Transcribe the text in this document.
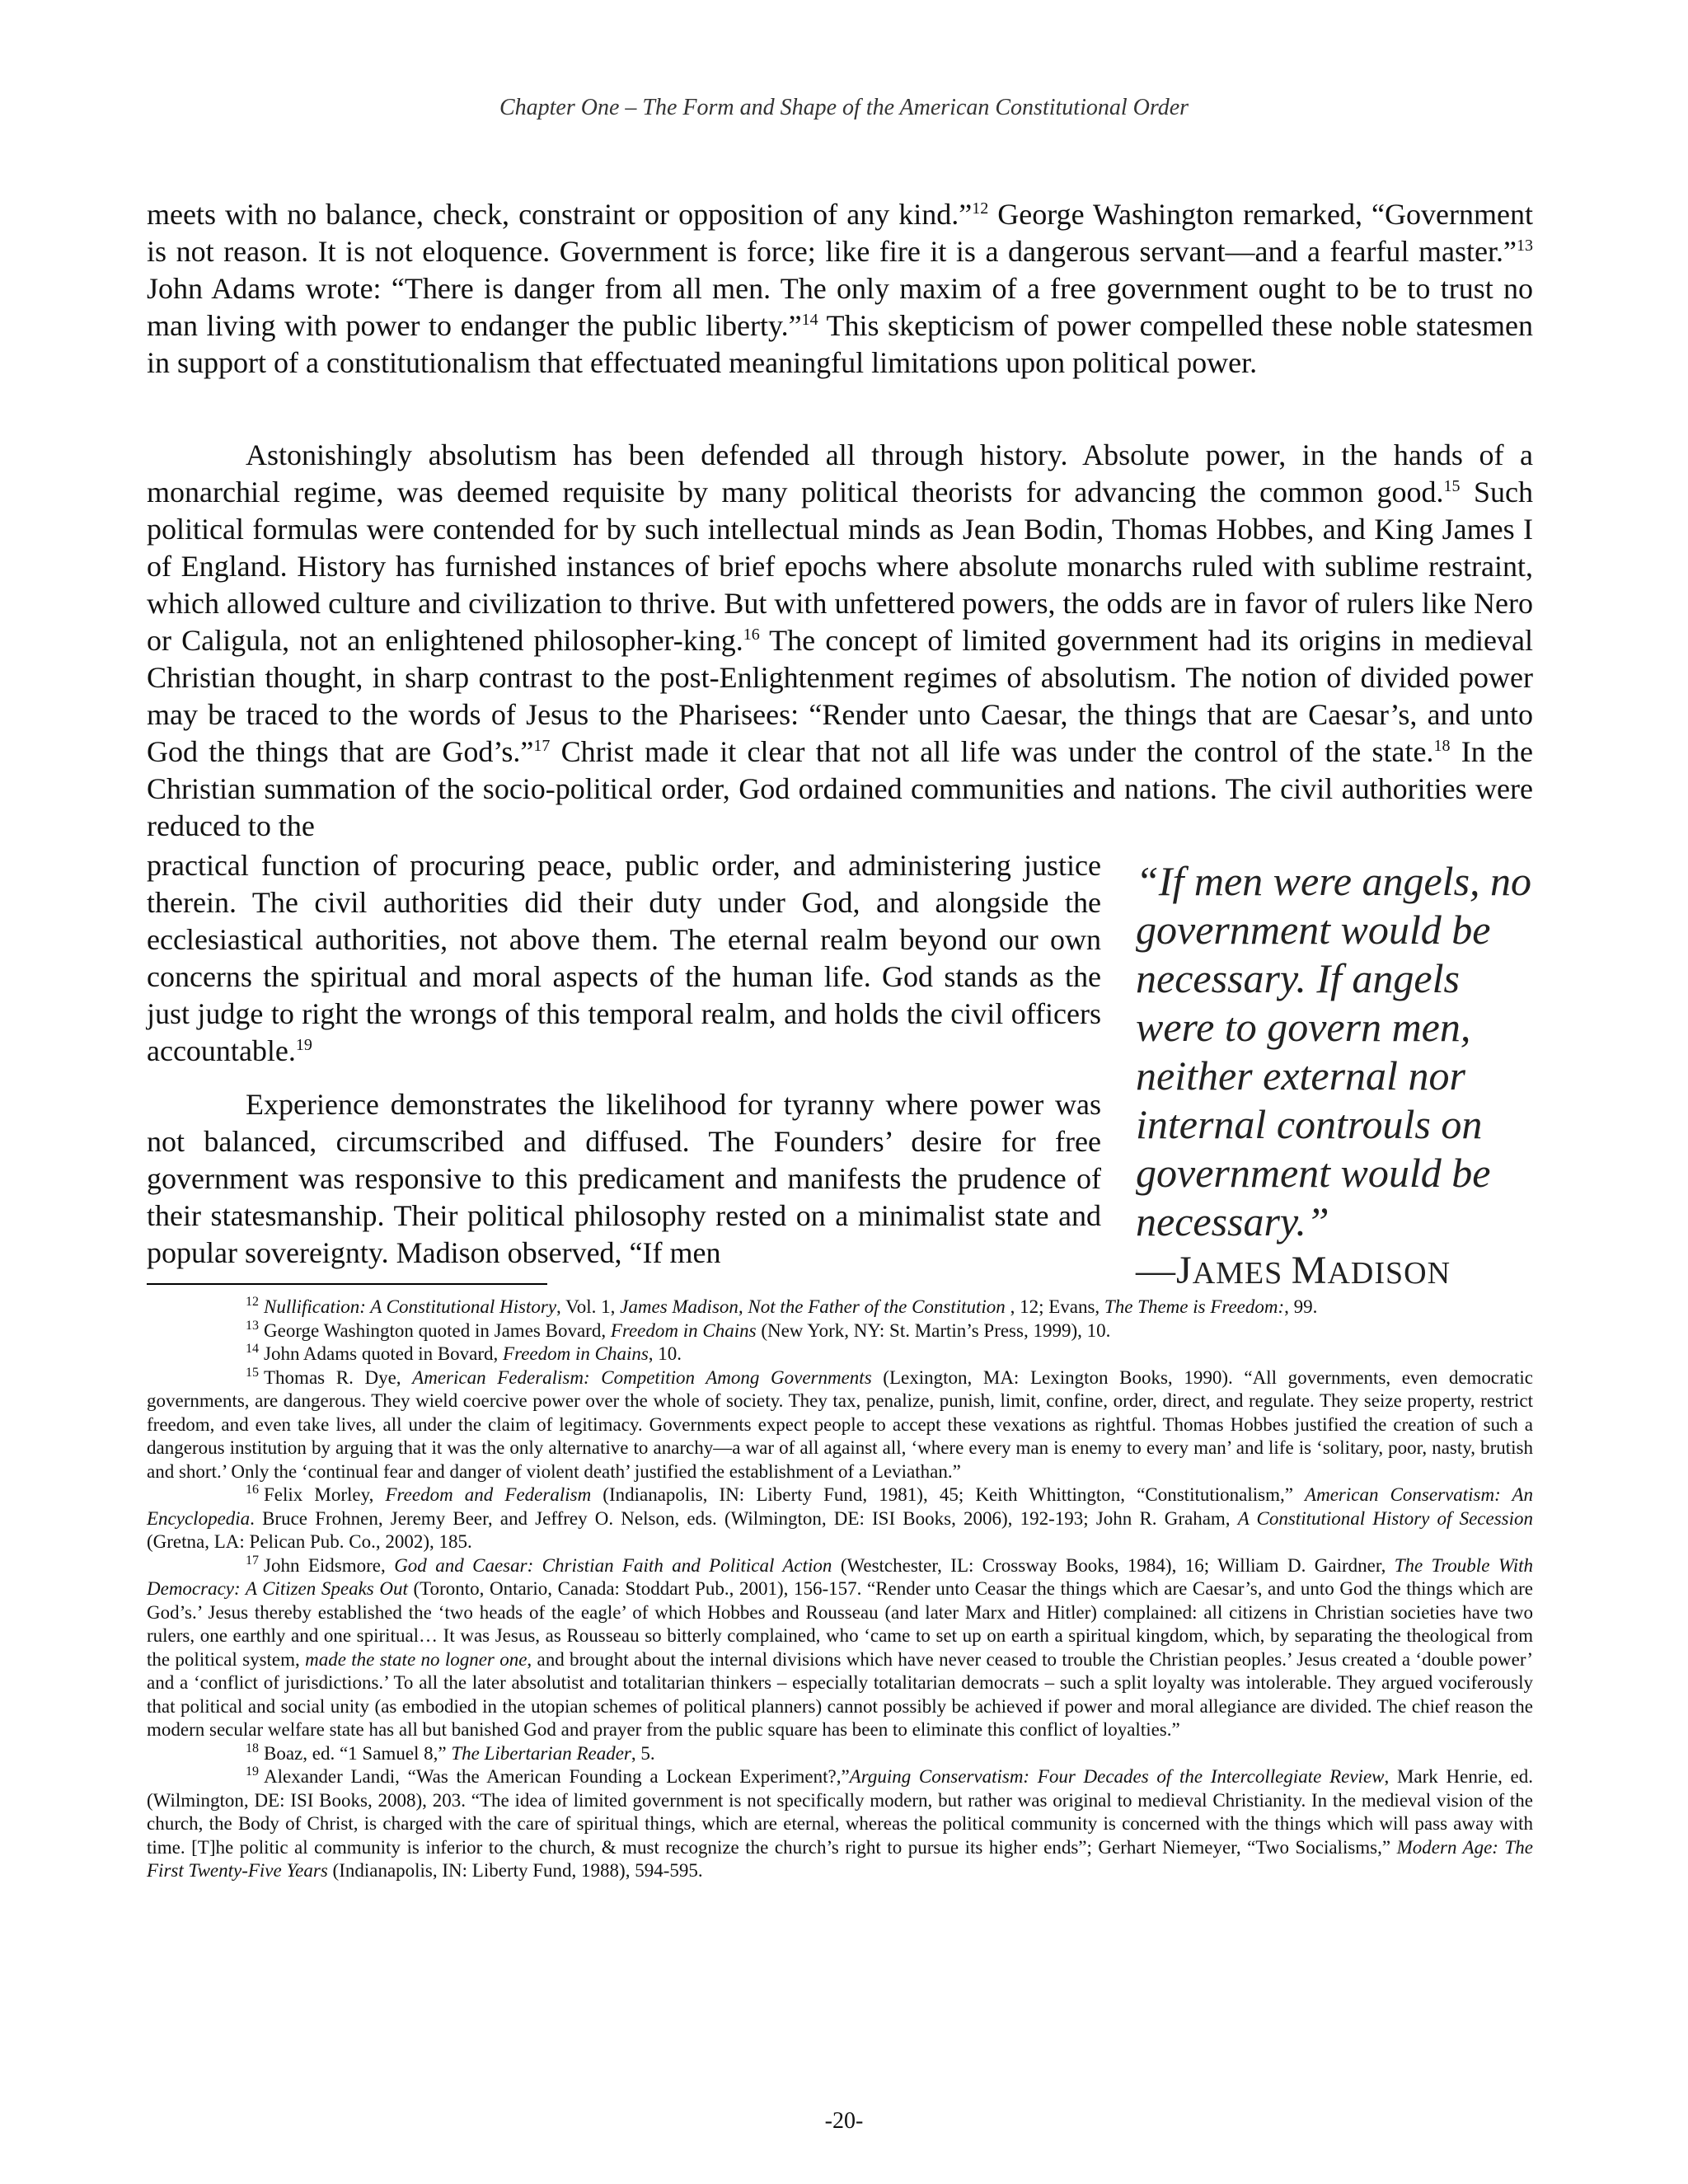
Chapter One – The Form and Shape of the American Constitutional Order

meets with no balance, check, constraint or opposition of any kind.”$^{12}$ George Washington remarked, “Government is not reason. It is not eloquence. Government is force; like fire it is a dangerous servant—and a fearful master.”$^{13}$ John Adams wrote: “There is danger from all men. The only maxim of a free government ought to be to trust no man living with power to endanger the public liberty.”$^{14}$ This skepticism of power compelled these noble statesmen in support of a constitutionalism that effectuated meaningful limitations upon political power.

Astonishingly absolutism has been defended all through history. Absolute power, in the hands of a monarchial regime, was deemed requisite by many political theorists for advancing the common good.$^{15}$ Such political formulas were contended for by such intellectual minds as Jean Bodin, Thomas Hobbes, and King James I of England. History has furnished instances of brief epochs where absolute monarchs ruled with sublime restraint, which allowed culture and civilization to thrive. But with unfettered powers, the odds are in favor of rulers like Nero or Caligula, not an enlightened philosopher-king.$^{16}$ The concept of limited government had its origins in medieval Christian thought, in sharp contrast to the post-Enlightenment regimes of absolutism. The notion of divided power may be traced to the words of Jesus to the Pharisees: “Render unto Caesar, the things that are Caesar’s, and unto God the things that are God’s.”$^{17}$ Christ made it clear that not all life was under the control of the state.$^{18}$ In the Christian summation of the socio-political order, God ordained communities and nations. The civil authorities were reduced to the

practical function of procuring peace, public order, and administering justice therein. The civil authorities did their duty under God, and alongside the ecclesiastical authorities, not above them. The eternal realm beyond our own concerns the spiritual and moral aspects of the human life. God stands as the just judge to right the wrongs of this temporal realm, and holds the civil officers accountable.$^{19}$

Experience demonstrates the likelihood for tyranny where power was not balanced, circumscribed and diffused. The Founders’ desire for free government was responsive to this predicament and manifests the prudence of their statesmanship. Their political philosophy rested on a minimalist state and popular sovereignty. Madison observed, “If men

“If men were angels, no government would be necessary. If angels were to govern men, neither external nor internal controuls on government would be necessary.”
—JAMES MADISON

$^{12}$ Nullification: A Constitutional History, Vol. 1, James Madison, Not the Father of the Constitution , 12; Evans, The Theme is Freedom:, 99.

$^{13}$ George Washington quoted in James Bovard, Freedom in Chains (New York, NY: St. Martin’s Press, 1999), 10.

$^{14}$ John Adams quoted in Bovard, Freedom in Chains, 10.

$^{15}$ Thomas R. Dye, American Federalism: Competition Among Governments (Lexington, MA: Lexington Books, 1990). “All governments, even democratic governments, are dangerous. They wield coercive power over the whole of society. They tax, penalize, punish, limit, confine, order, direct, and regulate. They seize property, restrict freedom, and even take lives, all under the claim of legitimacy. Governments expect people to accept these vexations as rightful. Thomas Hobbes justified the creation of such a dangerous institution by arguing that it was the only alternative to anarchy—a war of all against all, ‘where every man is enemy to every man’ and life is ‘solitary, poor, nasty, brutish and short.’ Only the ‘continual fear and danger of violent death’ justified the establishment of a Leviathan.”

$^{16}$ Felix Morley, Freedom and Federalism (Indianapolis, IN: Liberty Fund, 1981), 45; Keith Whittington, “Constitutionalism,” American Conservatism: An Encyclopedia. Bruce Frohnen, Jeremy Beer, and Jeffrey O. Nelson, eds. (Wilmington, DE: ISI Books, 2006), 192-193; John R. Graham, A Constitutional History of Secession (Gretna, LA: Pelican Pub. Co., 2002), 185.

$^{17}$ John Eidsmore, God and Caesar: Christian Faith and Political Action (Westchester, IL: Crossway Books, 1984), 16; William D. Gairdner, The Trouble With Democracy: A Citizen Speaks Out (Toronto, Ontario, Canada: Stoddart Pub., 2001), 156-157. “Render unto Ceasar the things which are Caesar’s, and unto God the things which are God’s.’ Jesus thereby established the ‘two heads of the eagle’ of which Hobbes and Rousseau (and later Marx and Hitler) complained: all citizens in Christian societies have two rulers, one earthly and one spiritual… It was Jesus, as Rousseau so bitterly complained, who ‘came to set up on earth a spiritual kingdom, which, by separating the theological from the political system, made the state no logner one, and brought about the internal divisions which have never ceased to trouble the Christian peoples.’ Jesus created a ‘double power’ and a ‘conflict of jurisdictions.’ To all the later absolutist and totalitarian thinkers – especially totalitarian democrats – such a split loyalty was intolerable. They argued vociferously that political and social unity (as embodied in the utopian schemes of political planners) cannot possibly be achieved if power and moral allegiance are divided. The chief reason the modern secular welfare state has all but banished God and prayer from the public square has been to eliminate this conflict of loyalties.”

$^{18}$ Boaz, ed. “1 Samuel 8,” The Libertarian Reader, 5.

$^{19}$ Alexander Landi, “Was the American Founding a Lockean Experiment?,”Arguing Conservatism: Four Decades of the Intercollegiate Review, Mark Henrie, ed. (Wilmington, DE: ISI Books, 2008), 203. “The idea of limited government is not specifically modern, but rather was original to medieval Christianity. In the medieval vision of the church, the Body of Christ, is charged with the care of spiritual things, which are eternal, whereas the political community is concerned with the things which will pass away with time. [T]he politic al community is inferior to the church, & must recognize the church’s right to pursue its higher ends”; Gerhart Niemeyer, “Two Socialisms,” Modern Age: The First Twenty-Five Years (Indianapolis, IN: Liberty Fund, 1988), 594-595.

-20-
